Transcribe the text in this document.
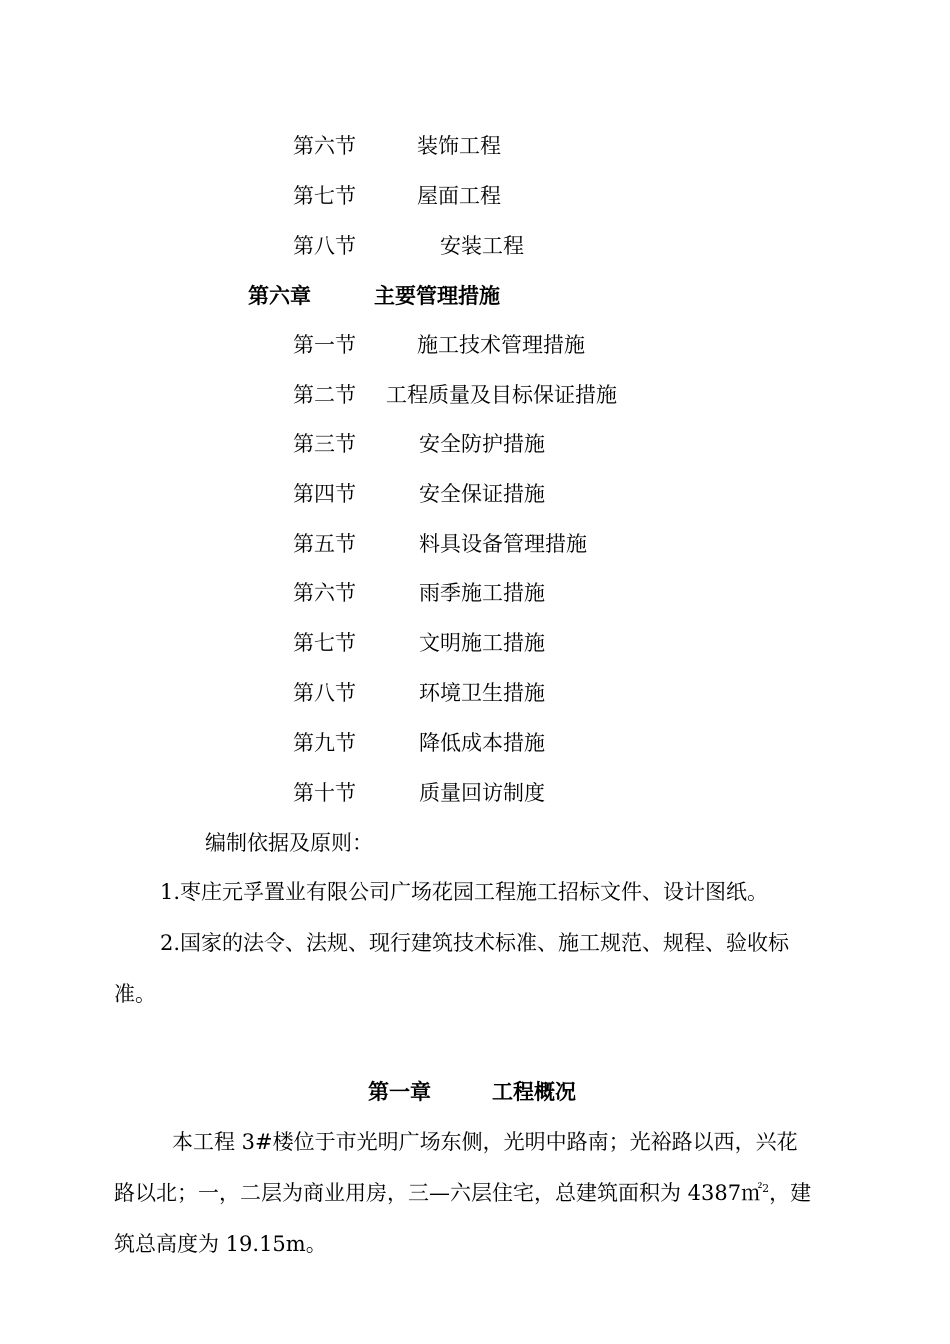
第六节	装饰工程
第七节	屋面工程
第八节	安装工程
第六章	主要管理措施
第一节	施工技术管理措施
第二节 工程质量及目标保证措施
第三节	安全防护措施
第四节	安全保证措施
第五节	料具设备管理措施
第六节	雨季施工措施
第七节	文明施工措施
第八节	环境卫生措施
第九节	降低成本措施
第十节	质量回访制度
编制依据及原则：
1.枣庄元孚置业有限公司广场花园工程施工招标文件、设计图纸。
2.国家的法令、法规、现行建筑技术标准、施工规范、规程、验收标
准。
第一章	工程概况
本工程 3#楼位于市光明广场东侧，光明中路南；光裕路以西，兴花
路以北；一，二层为商业用房，三—六层住宅，总建筑面积为 4387㎡$^2$，建
筑总高度为 19.15m。
